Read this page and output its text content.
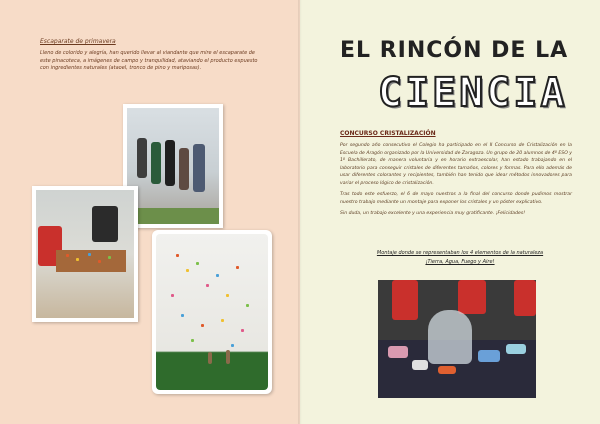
Escaparate de primavera
Lleno de colorido y alegría, han querido llevar al viandante que mire el escaparate de este pinacoteca, a imágenes de campo y tranquilidad, ataviando el producto expuesto con ingredientes naturales (ataoel, tronco de pino y mariposas).
EL RINCÓN DE LA
CIENCIA
CONCURSO CRISTALIZACIÓN

Por segundo año consecutivo el Colegio ha participado en el II Concurso de Cristalización en la Escuela de Aragón organizado por la Universidad de Zaragoza. Un grupo de 20 alumnos de 4º ESO y 1º Bachillerato, de manera voluntaria y en horario extraescolar, han estado trabajando en el laboratorio para conseguir cristales de diferentes tamaños, colores y formas. Para ello además de usar diferentes colorantes y recipientes, también han tenido que idear métodos innovadores para variar el proceso lógico de cristalización.

Tras todo este esfuerzo, el 6 de mayo nuestros a la final del concurso donde pudimos mostrar nuestro trabajo mediante un montaje para exponer los cristales y un póster explicativo.

Sin duda, un trabajo excelente y una experiencia muy gratificante. ¡Felicidades!

Montaje donde se representaban los 4 elementos de la naturaleza
¡Tierra, Agua, Fuego y Aire!
